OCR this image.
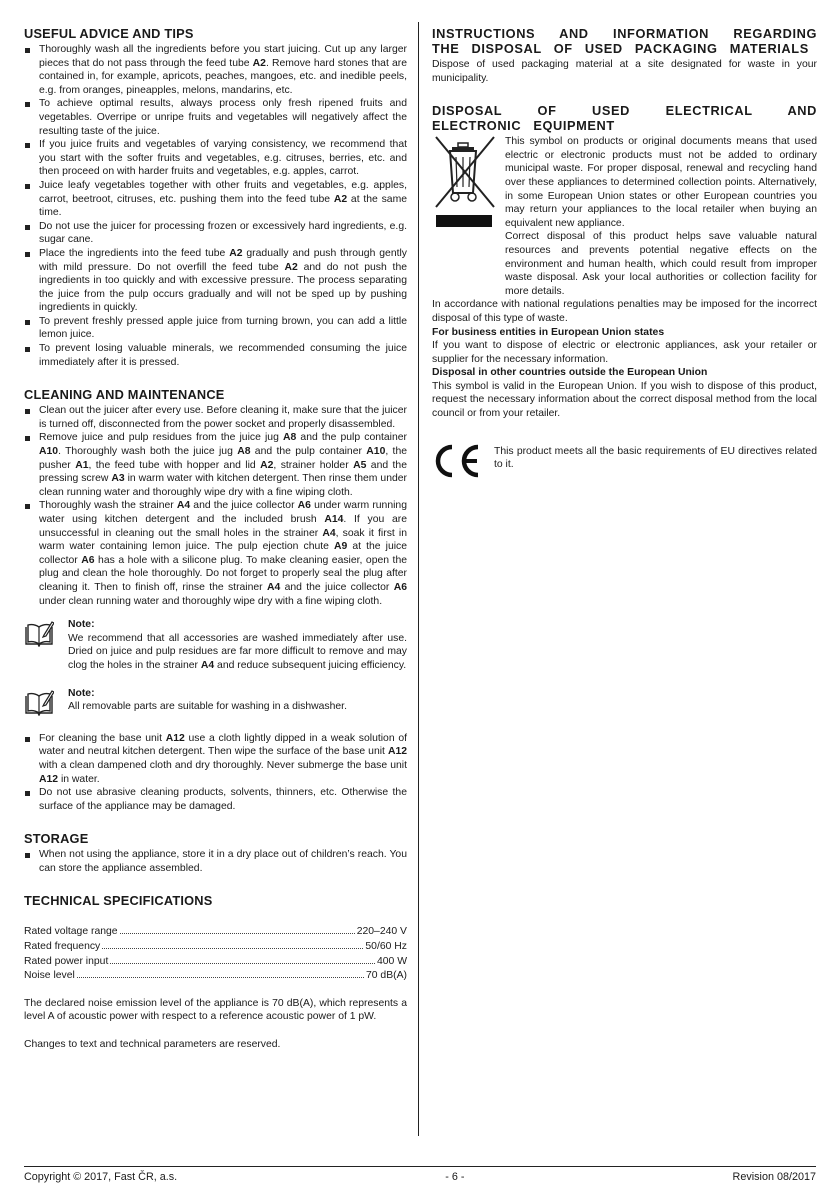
USEFUL ADVICE AND TIPS
Thoroughly wash all the ingredients before you start juicing. Cut up any larger pieces that do not pass through the feed tube A2. Remove hard stones that are contained in, for example, apricots, peaches, mangoes, etc. and inedible peels, e.g. from oranges, pineapples, melons, mandarins, etc.
To achieve optimal results, always process only fresh ripened fruits and vegetables. Overripe or unripe fruits and vegetables will negatively affect the resulting taste of the juice.
If you juice fruits and vegetables of varying consistency, we recommend that you start with the softer fruits and vegetables, e.g. citruses, berries, etc. and then proceed on with harder fruits and vegetables, e.g. apples, carrot.
Juice leafy vegetables together with other fruits and vegetables, e.g. apples, carrot, beetroot, citruses, etc. pushing them into the feed tube A2 at the same time.
Do not use the juicer for processing frozen or excessively hard ingredients, e.g. sugar cane.
Place the ingredients into the feed tube A2 gradually and push through gently with mild pressure. Do not overfill the feed tube A2 and do not push the ingredients in too quickly and with excessive pressure. The process separating the juice from the pulp occurs gradually and will not be sped up by pushing ingredients in quickly.
To prevent freshly pressed apple juice from turning brown, you can add a little lemon juice.
To prevent losing valuable minerals, we recommended consuming the juice immediately after it is pressed.
CLEANING AND MAINTENANCE
Clean out the juicer after every use. Before cleaning it, make sure that the juicer is turned off, disconnected from the power socket and properly disassembled.
Remove juice and pulp residues from the juice jug A8 and the pulp container A10. Thoroughly wash both the juice jug A8 and the pulp container A10, the pusher A1, the feed tube with hopper and lid A2, strainer holder A5 and the pressing screw A3 in warm water with kitchen detergent. Then rinse them under clean running water and thoroughly wipe dry with a fine wiping cloth.
Thoroughly wash the strainer A4 and the juice collector A6 under warm running water using kitchen detergent and the included brush A14. If you are unsuccessful in cleaning out the small holes in the strainer A4, soak it first in warm water containing lemon juice. The pulp ejection chute A9 at the juice collector A6 has a hole with a silicone plug. To make cleaning easier, open the plug and clean the hole thoroughly. Do not forget to properly seal the plug after cleaning it. Then to finish off, rinse the strainer A4 and the juice collector A6 under clean running water and thoroughly wipe dry with a fine wiping cloth.
Note:

We recommend that all accessories are washed immediately after use. Dried on juice and pulp residues are far more difficult to remove and may clog the holes in the strainer A4 and reduce subsequent juicing efficiency.

Note:

All removable parts are suitable for washing in a dishwasher.

For cleaning the base unit A12 use a cloth lightly dipped in a weak solution of water and neutral kitchen detergent. Then wipe the surface of the base unit A12 with a clean dampened cloth and dry thoroughly. Never submerge the base unit A12 in water.
Do not use abrasive cleaning products, solvents, thinners, etc. Otherwise the surface of the appliance may be damaged.
STORAGE
When not using the appliance, store it in a dry place out of children’s reach. You can store the appliance assembled.
TECHNICAL SPECIFICATIONS
Rated voltage range	220–240 V
Rated frequency	50/60 Hz
Rated power input	400 W
Noise level	70 dB(A)

The declared noise emission level of the appliance is 70 dB(A), which represents a level A of acoustic power with respect to a reference acoustic power of 1 pW.

Changes to text and technical parameters are reserved.

INSTRUCTIONS AND INFORMATION REGARDING THE DISPOSAL OF USED PACKAGING MATERIALS

Dispose of used packaging material at a site designated for waste in your municipality.

DISPOSAL OF USED ELECTRICAL AND ELECTRONIC EQUIPMENT

This symbol on products or original documents means that used electric or electronic products must not be added to ordinary municipal waste. For proper disposal, renewal and recycling hand over these appliances to determined collection points. Alternatively, in some European Union states or other European countries you may return your appliances to the local retailer when buying an equivalent new appliance.

Correct disposal of this product helps save valuable natural resources and prevents potential negative effects on the environment and human health, which could result from improper waste disposal. Ask your local authorities or collection facility for more details.

In accordance with national regulations penalties may be imposed for the incorrect disposal of this type of waste.

For business entities in European Union states

If you want to dispose of electric or electronic appliances, ask your retailer or supplier for the necessary information.

Disposal in other countries outside the European Union

This symbol is valid in the European Union. If you wish to dispose of this product, request the necessary information about the correct disposal method from the local council or from your retailer.

This product meets all the basic requirements of EU directives related to it.

Copyright © 2017, Fast ČR, a.s.	- 6 -	Revision 08/2017
